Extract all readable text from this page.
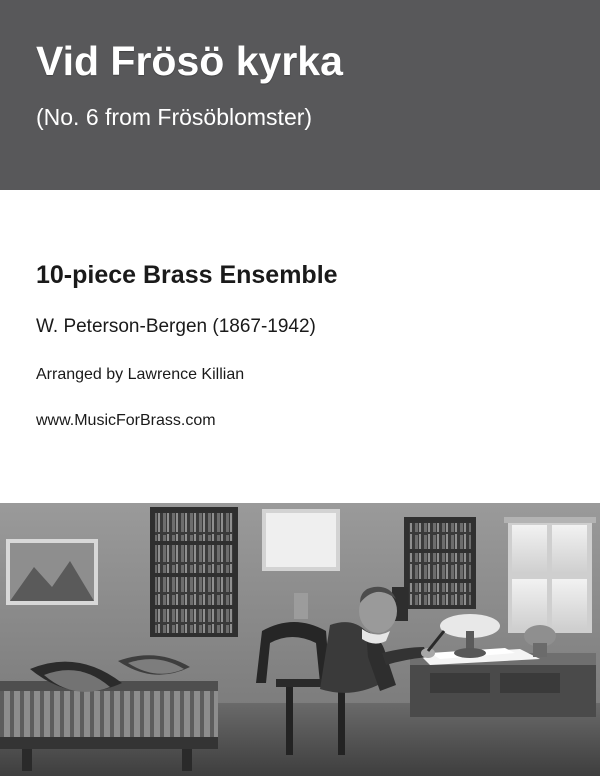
Vid Frösö kyrka
(No. 6 from Frösöblomster)
10-piece Brass Ensemble
W. Peterson-Bergen (1867-1942)
Arranged by Lawrence Killian
www.MusicForBrass.com
